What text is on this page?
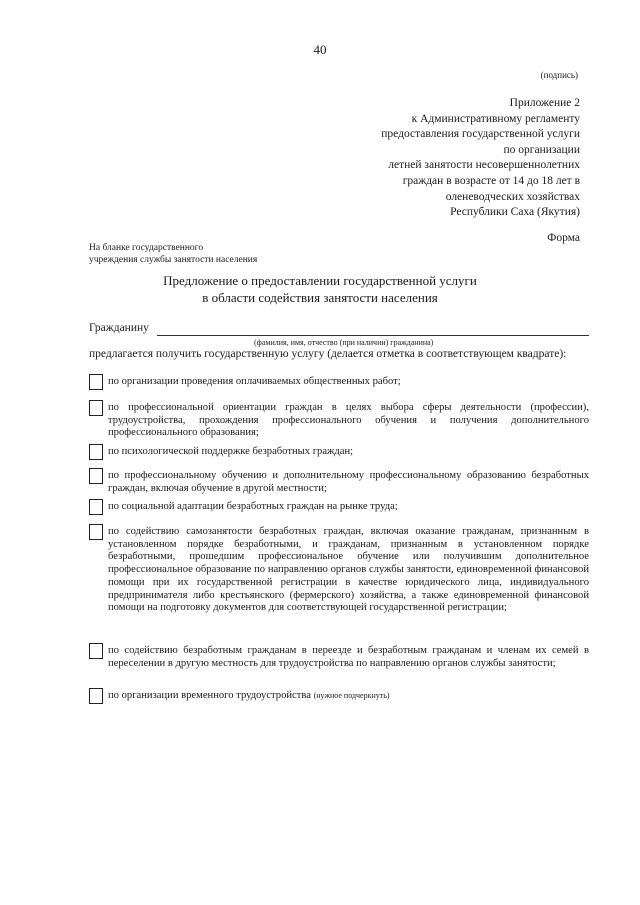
40
(подпись)
Приложение 2
к Административному регламенту
предоставления государственной услуги
по организации
летней занятости несовершеннолетних
граждан в возрасте от 14 до 18 лет в
оленеводческих хозяйствах
Республики Саха (Якутия)
Форма
На бланке государственного
учреждения службы занятости населения
Предложение о предоставлении государственной услуги
в области содействия занятости населения
Гражданину
(фамилия, имя, отчество (при наличии) гражданина)
предлагается получить государственную услугу (делается отметка в соответствующем квадрате):
по организации проведения оплачиваемых общественных работ;
по профессиональной ориентации граждан в целях выбора сферы деятельности (профессии), трудоустройства, прохождения профессионального обучения и получения дополнительного профессионального образования;
по психологической поддержке безработных граждан;
по профессиональному обучению и дополнительному профессиональному образованию безработных граждан, включая обучение в другой местности;
по социальной адаптации безработных граждан на рынке труда;
по содействию самозанятости безработных граждан, включая оказание гражданам, признанным в установленном порядке безработными, и гражданам, признанным в установленном порядке безработными, прошедшим профессиональное обучение или получившим дополнительное профессиональное образование по направлению органов службы занятости, единовременной финансовой помощи при их государственной регистрации в качестве юридического лица, индивидуального предпринимателя либо крестьянского (фермерского) хозяйства, а также единовременной финансовой помощи на подготовку документов для соответствующей государственной регистрации;
по содействию безработным гражданам в переезде и безработным гражданам и членам их семей в переселении в другую местность для трудоустройства по направлению органов службы занятости;
по организации временного трудоустройства (нужное подчеркнуть)
